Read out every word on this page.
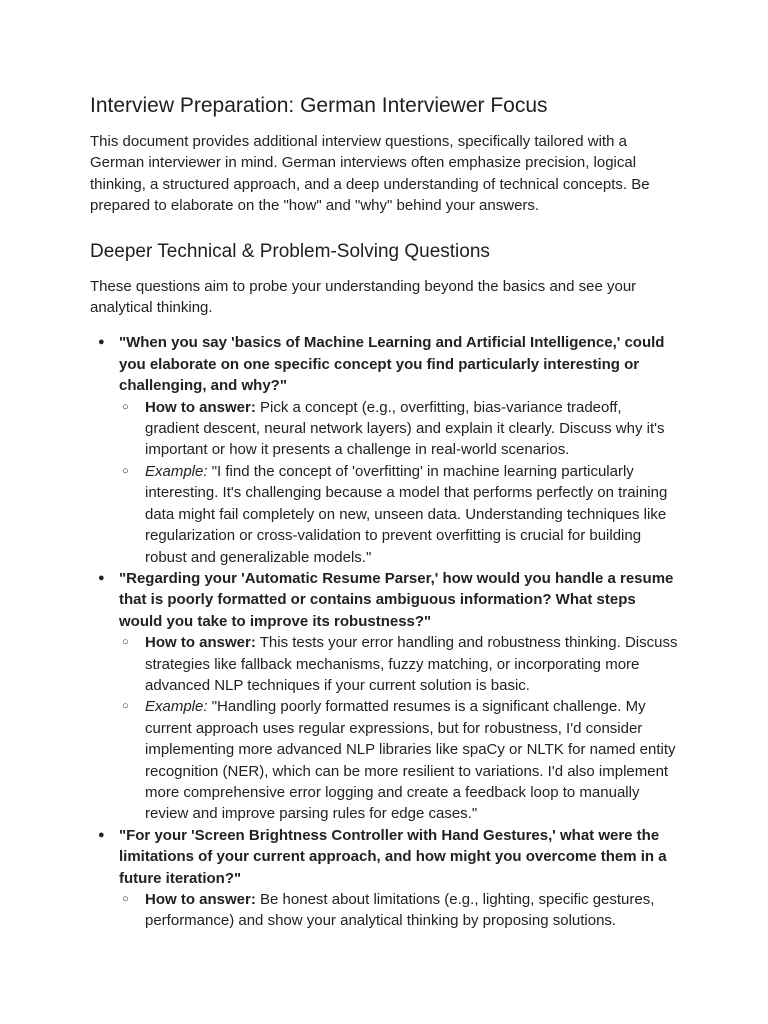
Interview Preparation: German Interviewer Focus

This document provides additional interview questions, specifically tailored with a German interviewer in mind. German interviews often emphasize precision, logical thinking, a structured approach, and a deep understanding of technical concepts. Be prepared to elaborate on the "how" and "why" behind your answers.

Deeper Technical & Problem-Solving Questions

These questions aim to probe your understanding beyond the basics and see your analytical thinking.

● "When you say 'basics of Machine Learning and Artificial Intelligence,' could you elaborate on one specific concept you find particularly interesting or challenging, and why?"
○ How to answer: Pick a concept (e.g., overfitting, bias-variance tradeoff, gradient descent, neural network layers) and explain it clearly. Discuss why it's important or how it presents a challenge in real-world scenarios.
○ Example: "I find the concept of 'overfitting' in machine learning particularly interesting. It's challenging because a model that performs perfectly on training data might fail completely on new, unseen data. Understanding techniques like regularization or cross-validation to prevent overfitting is crucial for building robust and generalizable models."
● "Regarding your 'Automatic Resume Parser,' how would you handle a resume that is poorly formatted or contains ambiguous information? What steps would you take to improve its robustness?"
○ How to answer: This tests your error handling and robustness thinking. Discuss strategies like fallback mechanisms, fuzzy matching, or incorporating more advanced NLP techniques if your current solution is basic.
○ Example: "Handling poorly formatted resumes is a significant challenge. My current approach uses regular expressions, but for robustness, I'd consider implementing more advanced NLP libraries like spaCy or NLTK for named entity recognition (NER), which can be more resilient to variations. I'd also implement more comprehensive error logging and create a feedback loop to manually review and improve parsing rules for edge cases."
● "For your 'Screen Brightness Controller with Hand Gestures,' what were the limitations of your current approach, and how might you overcome them in a future iteration?"
○ How to answer: Be honest about limitations (e.g., lighting, specific gestures, performance) and show your analytical thinking by proposing solutions.
